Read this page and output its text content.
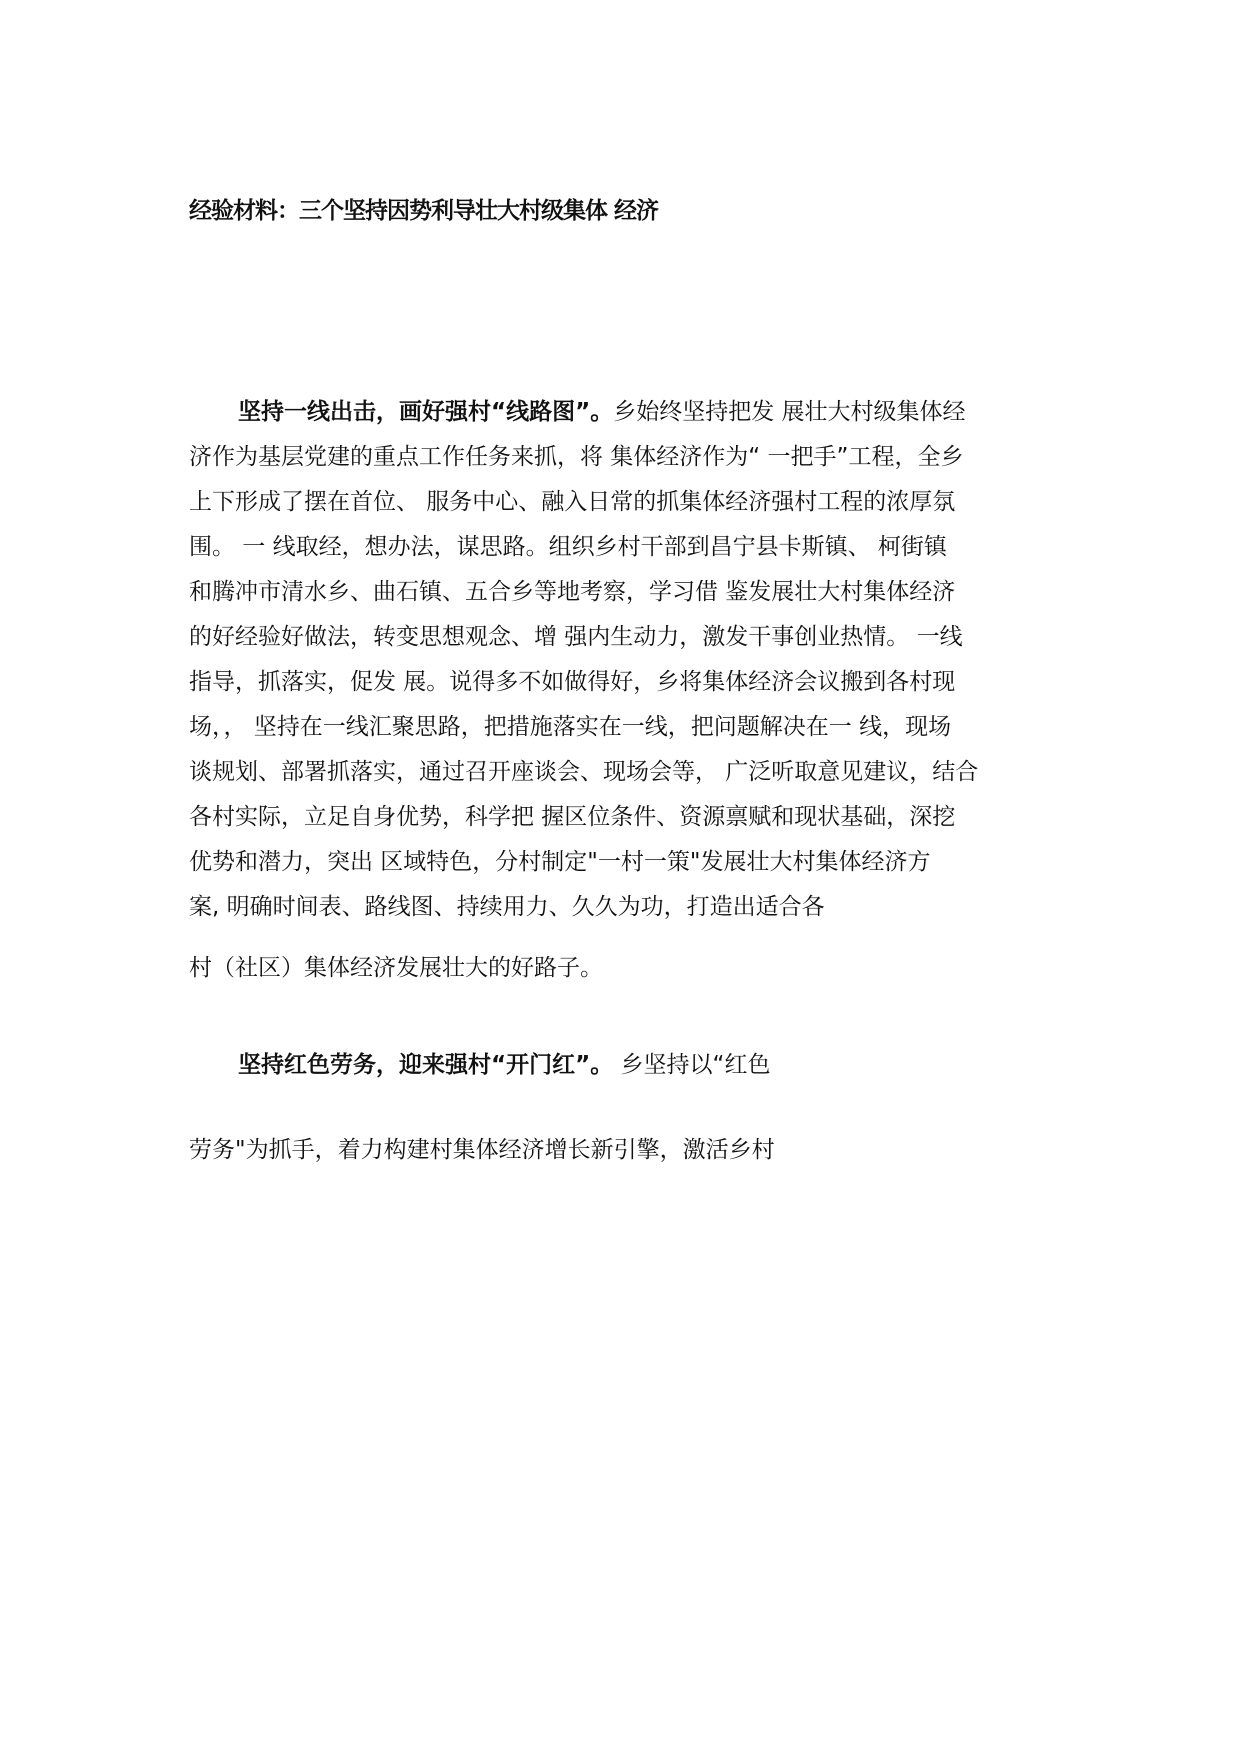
经验材料：三个坚持因势利导壮大村级集体 经济
坚持一线出击，画好强村“线路图”。乡始终坚持把发 展壮大村级集体经
济作为基层党建的重点工作任务来抓，将 集体经济作为“ 一把手”工程，全乡
上下形成了摆在首位、 服务中心、融入日常的抓集体经济强村工程的浓厚氛
围。 一 线取经，想办法，谋思路。组织乡村干部到昌宁县卡斯镇、 柯街镇
和腾冲市清水乡、曲石镇、五合乡等地考察，学习借 鉴发展壮大村集体经济
的好经验好做法，转变思想观念、增 强内生动力，激发干事创业热情。 一线
指导，抓落实，促发 展。说得多不如做得好，乡将集体经济会议搬到各村现
场，， 坚持在一线汇聚思路，把措施落实在一线，把问题解决在一 线，现场
谈规划、部署抓落实，通过召开座谈会、现场会等， 广泛听取意见建议，结合
各村实际，立足自身优势，科学把 握区位条件、资源禀赋和现状基础，深挖
优势和潜力，突出 区域特色，分村制定"一村一策"发展壮大村集体经济方
案, 明确时间表、路线图、持续用力、久久为功，打造出适合各
村（社区）集体经济发展壮大的好路子。
坚持红色劳务，迎来强村“开门红”。 乡坚持以“红色
劳务"为抓手，着力构建村集体经济增长新引擎，激活乡村
